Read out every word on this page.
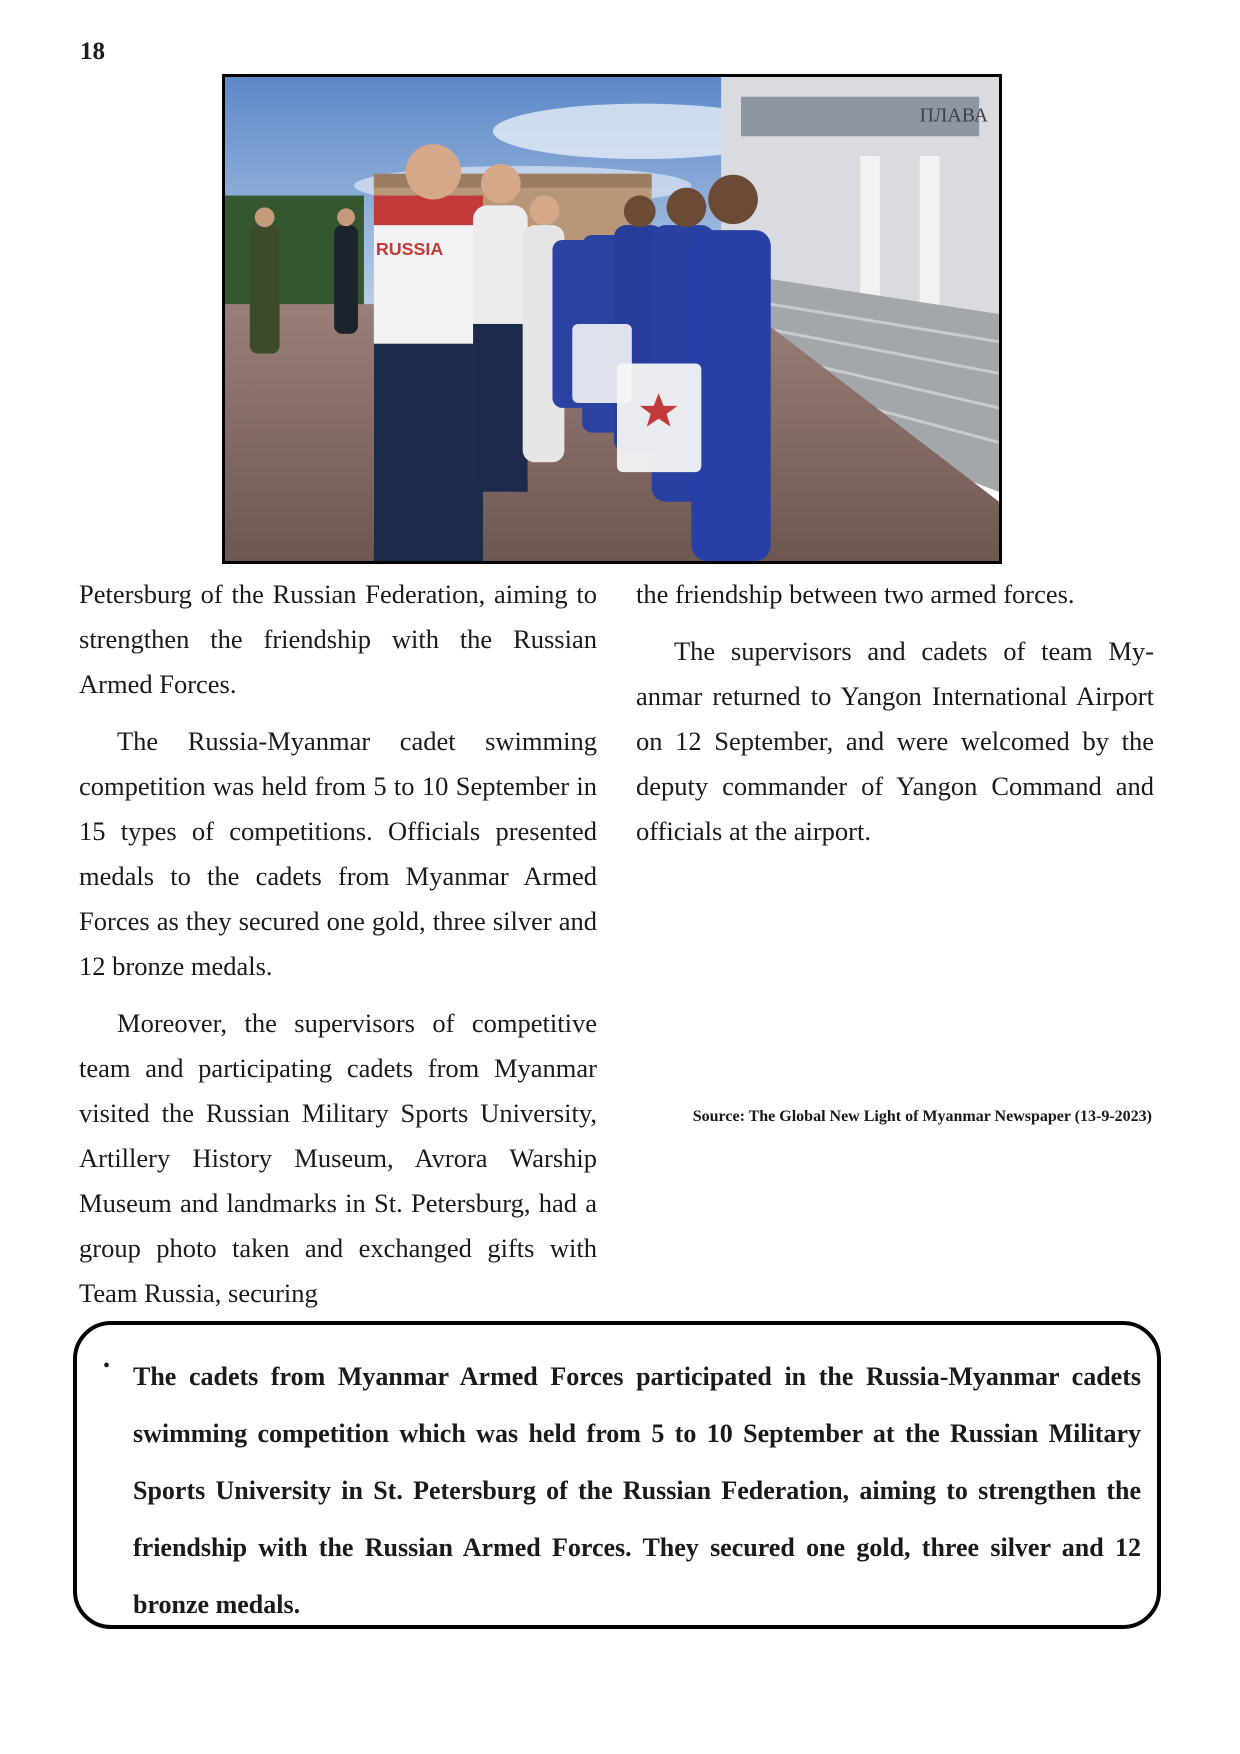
18
ПЛАВА
RUSSIA

Petersburg of the Russian Federation, aiming to strengthen the friendship with the Russian Armed Forces.

The Russia-Myanmar cadet swimming competition was held from 5 to 10 September in 15 types of competitions. Officials presented medals to the cadets from Myanmar Armed Forces as they secured one gold, three silver and 12 bronze medals.

Moreover, the supervisors of competitive team and participating cadets from Myanmar visited the Russian Military Sports University, Artillery History Museum, Avrora Warship Museum and landmarks in St. Petersburg, had a group photo taken and exchanged gifts with Team Russia, securing

the friendship between two armed forces.

The supervisors and cadets of team Myanmar returned to Yangon International Airport on 12 September, and were welcomed by the deputy commander of Yangon Command and officials at the airport.

Source: The Global New Light of Myanmar Newspaper (13-9-2023)
• The cadets from Myanmar Armed Forces participated in the Russia-Myanmar cadets swimming competition which was held from 5 to 10 September at the Russian Military Sports University in St. Petersburg of the Russian Federation, aiming to strengthen the friendship with the Russian Armed Forces. They secured one gold, three silver and 12 bronze medals.
